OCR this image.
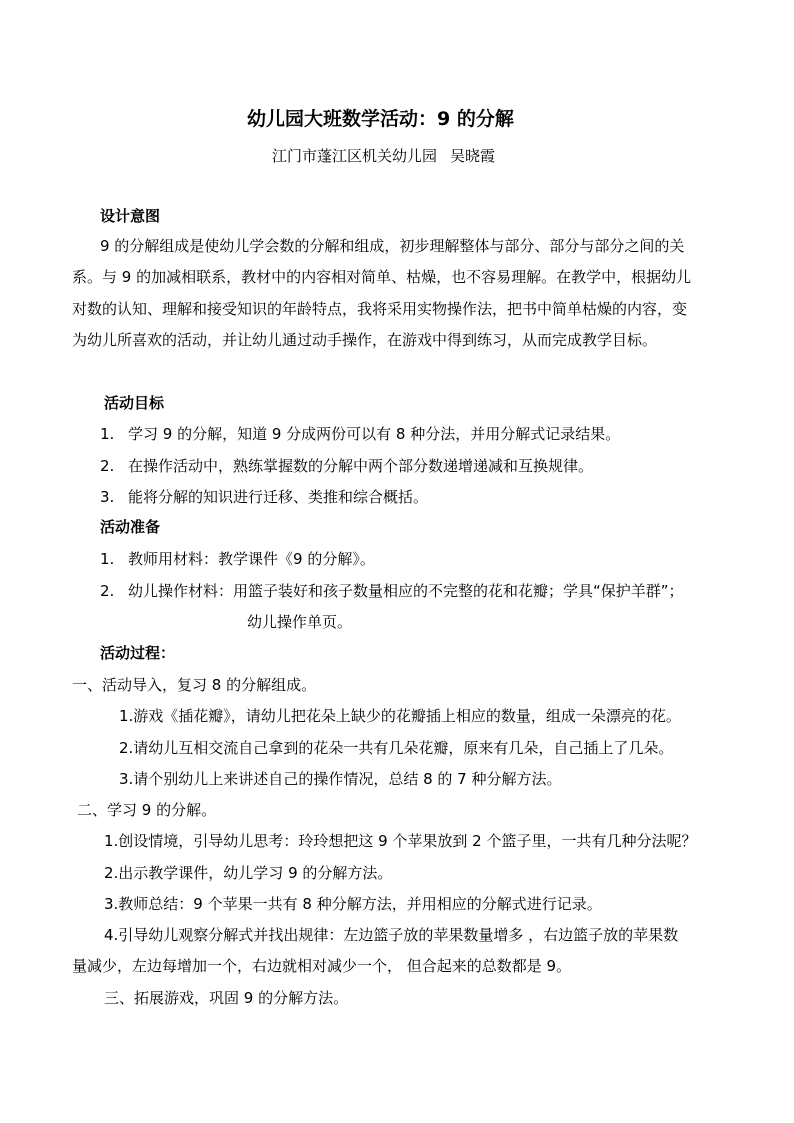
幼儿园大班数学活动：9 的分解
江门市蓬江区机关幼儿园 吴晓霞
设计意图
9 的分解组成是使幼儿学会数的分解和组成，初步理解整体与部分、部分与部分之间的关
系。与 9 的加减相联系，教材中的内容相对简单、枯燥，也不容易理解。在教学中，根据幼儿
对数的认知、理解和接受知识的年龄特点，我将采用实物操作法，把书中简单枯燥的内容，变
为幼儿所喜欢的活动，并让幼儿通过动手操作，在游戏中得到练习，从而完成教学目标。
活动目标
1. 学习 9 的分解，知道 9 分成两份可以有 8 种分法，并用分解式记录结果。
2. 在操作活动中，熟练掌握数的分解中两个部分数递增递减和互换规律。
3. 能将分解的知识进行迁移、类推和综合概括。
活动准备
1. 教师用材料：教学课件《9 的分解》。
2. 幼儿操作材料：用篮子装好和孩子数量相应的不完整的花和花瓣；学具“保护羊群”；
幼儿操作单页。
活动过程：
一、活动导入，复习 8 的分解组成。
1.游戏《插花瓣》，请幼儿把花朵上缺少的花瓣插上相应的数量，组成一朵漂亮的花。
2.请幼儿互相交流自己拿到的花朵一共有几朵花瓣，原来有几朵，自己插上了几朵。
3.请个别幼儿上来讲述自己的操作情况，总结 8 的 7 种分解方法。
二、学习 9 的分解。
1.创设情境，引导幼儿思考：玲玲想把这 9 个苹果放到 2 个篮子里，一共有几种分法呢？
2.出示教学课件，幼儿学习 9 的分解方法。
3.教师总结：9 个苹果一共有 8 种分解方法，并用相应的分解式进行记录。
4.引导幼儿观察分解式并找出规律：左边篮子放的苹果数量增多 ，右边篮子放的苹果数
量减少，左边每增加一个，右边就相对减少一个， 但合起来的总数都是 9。
三、拓展游戏，巩固 9 的分解方法。
